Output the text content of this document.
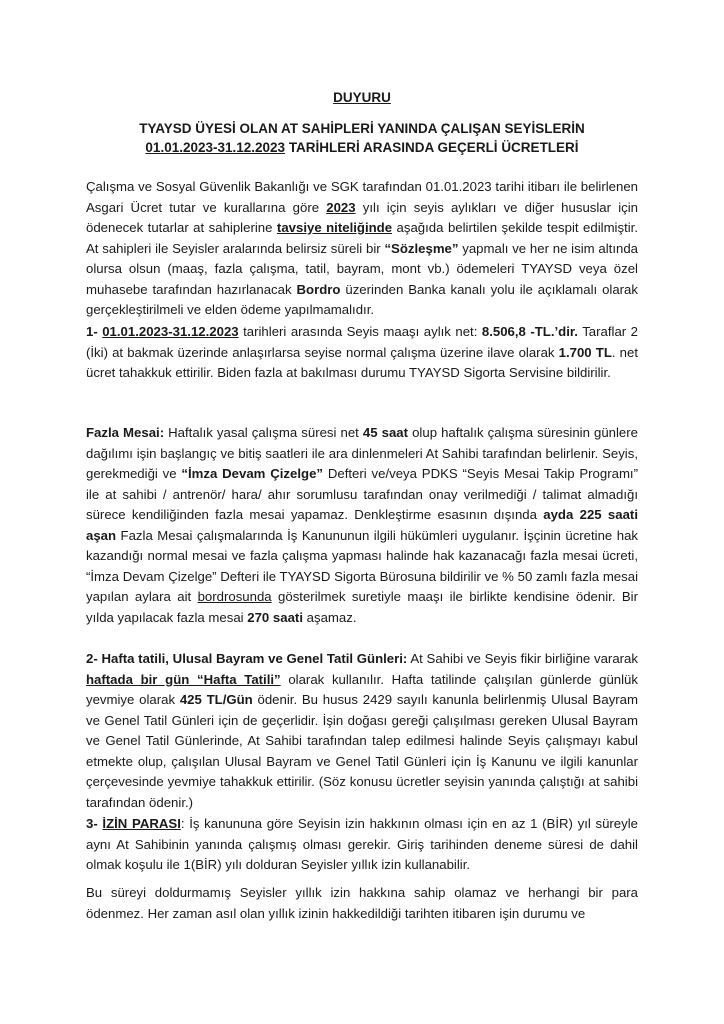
DUYURU
TYAYSD ÜYESİ OLAN AT SAHİPLERİ YANINDA ÇALIŞAN SEYİSLERİN
01.01.2023-31.12.2023 TARİHLERİ ARASINDA GEÇERLİ ÜCRETLERİ
Çalışma ve Sosyal Güvenlik Bakanlığı ve SGK tarafından 01.01.2023 tarihi itibarı ile belirlenen Asgari Ücret tutar ve kurallarına göre 2023 yılı için seyis aylıkları ve diğer hususlar için ödenecek tutarlar at sahiplerine tavsiye niteliğinde aşağıda belirtilen şekilde tespit edilmiştir. At sahipleri ile Seyisler aralarında belirsiz süreli bir “Sözleşme” yapmalı ve her ne isim altında olursa olsun (maaş, fazla çalışma, tatil, bayram, mont vb.) ödemeleri TYAYSD veya özel muhasebe tarafından hazırlanacak Bordro üzerinden Banka kanalı yolu ile açıklamalı olarak gerçekleştirilmeli ve elden ödeme yapılmamalıdır.
1- 01.01.2023-31.12.2023 tarihleri arasında Seyis maaşı aylık net: 8.506,8 -TL.’dir. Taraflar 2 (İki) at bakmak üzerinde anlaşırlarsa seyise normal çalışma üzerine ilave olarak 1.700 TL. net ücret tahakkuk ettirilir. Biden fazla at bakılması durumu TYAYSD Sigorta Servisine bildirilir.
Fazla Mesai: Haftalık yasal çalışma süresi net 45 saat olup haftalık çalışma süresinin günlere dağılımı işin başlangıç ve bitiş saatleri ile ara dinlenmeleri At Sahibi tarafından belirlenir. Seyis, gerekmediği ve “İmza Devam Çizelge” Defteri ve/veya PDKS “Seyis Mesai Takip Programı” ile at sahibi / antrenör/ hara/ ahır sorumlusu tarafından onay verilmediği / talimat almadığı sürece kendiliğinden fazla mesai yapamaz. Denkleştirme esasının dışında ayda 225 saati aşan Fazla Mesai çalışmalarında İş Kanununun ilgili hükümleri uygulanır. İşçinin ücretine hak kazandığı normal mesai ve fazla çalışma yapması halinde hak kazanacağı fazla mesai ücreti, “İmza Devam Çizelge” Defteri ile TYAYSD Sigorta Bürosuna bildirilir ve % 50 zamlı fazla mesai yapılan aylara ait bordrosunda gösterilmek suretiyle maaşı ile birlikte kendisine ödenir. Bir yılda yapılacak fazla mesai 270 saati aşamaz.
2- Hafta tatili, Ulusal Bayram ve Genel Tatil Günleri: At Sahibi ve Seyis fikir birliğine vararak haftada bir gün “Hafta Tatili” olarak kullanılır. Hafta tatilinde çalışılan günlerde günlük yevmiye olarak 425 TL/Gün ödenir. Bu husus 2429 sayılı kanunla belirlenmiş Ulusal Bayram ve Genel Tatil Günleri için de geçerlidir. İşin doğası gereği çalışılması gereken Ulusal Bayram ve Genel Tatil Günlerinde, At Sahibi tarafından talep edilmesi halinde Seyis çalışmayı kabul etmekte olup, çalışılan Ulusal Bayram ve Genel Tatil Günleri için İş Kanunu ve ilgili kanunlar çerçevesinde yevmiye tahakkuk ettirilir. (Söz konusu ücretler seyisin yanında çalıştığı at sahibi tarafından ödenir.)
3- İZİN PARASI: İş kanununa göre Seyisin izin hakkının olması için en az 1 (BİR) yıl süreyle aynı At Sahibinin yanında çalışmış olması gerekir. Giriş tarihinden deneme süresi de dahil olmak koşulu ile 1(BİR) yılı dolduran Seyisler yıllık izin kullanabilir.
Bu süreyi doldurmamış Seyisler yıllık izin hakkına sahip olamaz ve herhangi bir para ödenmez. Her zaman asıl olan yıllık izinin hakkedildiği tarihten itibaren işin durumu ve
